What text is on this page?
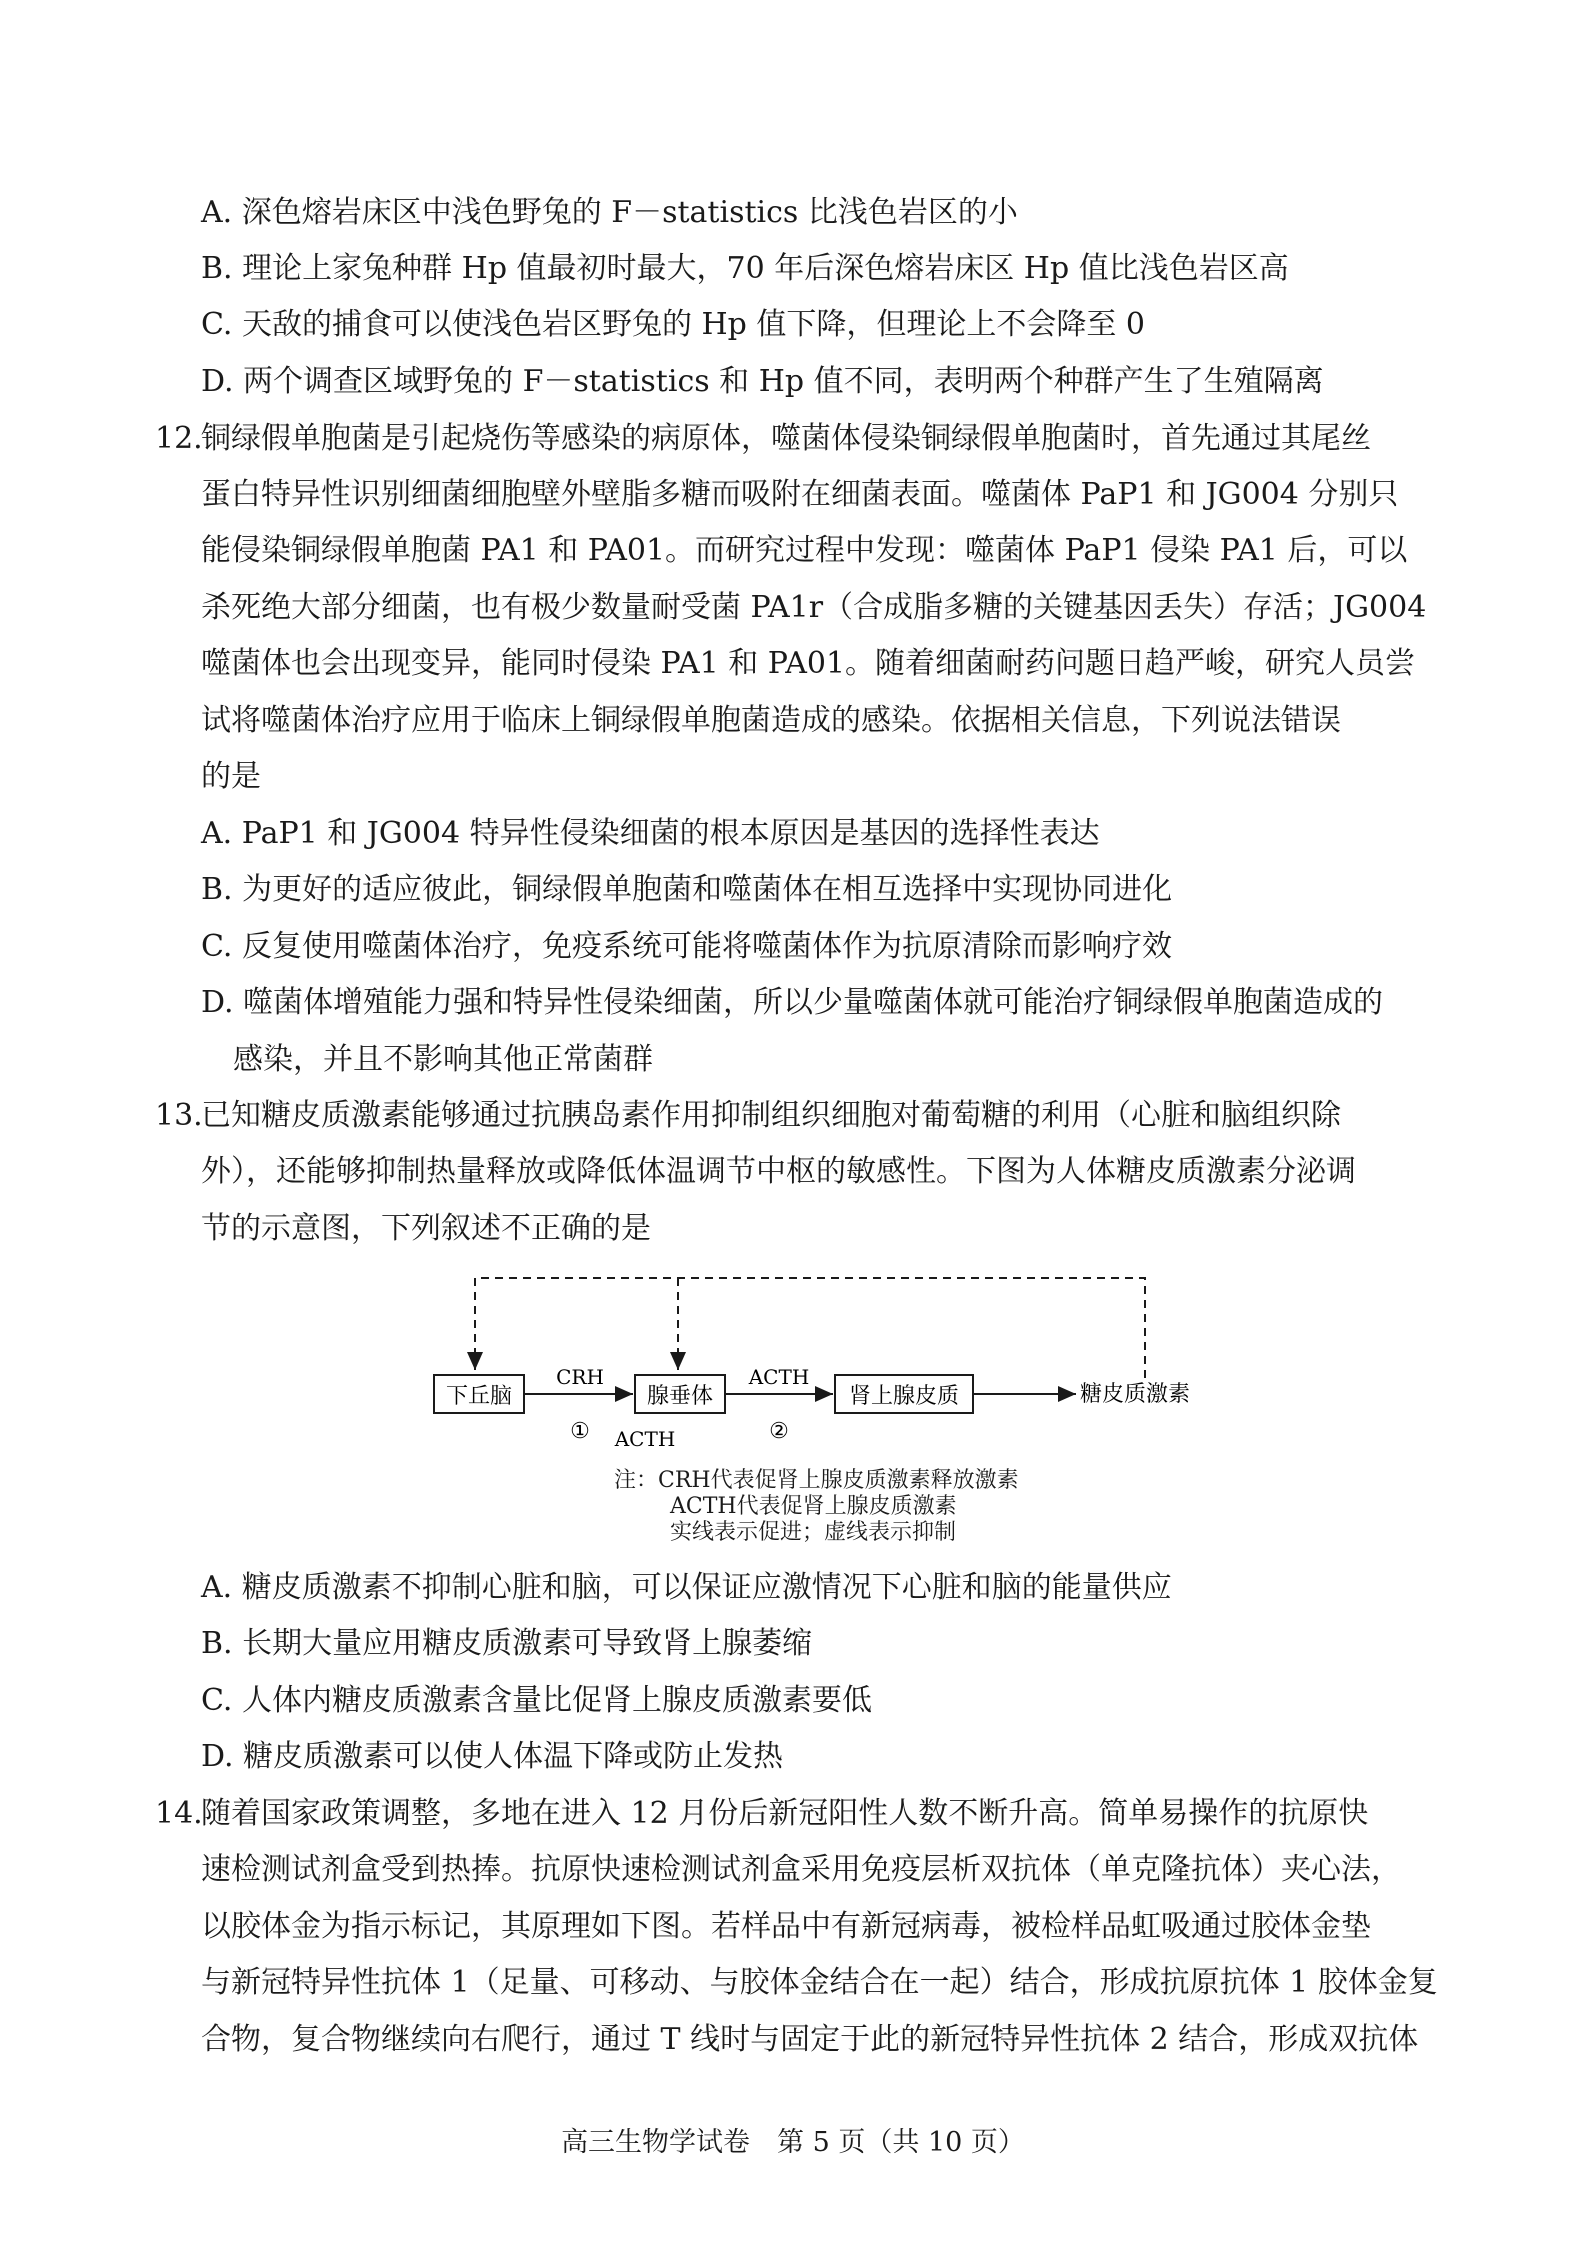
A. 深色熔岩床区中浅色野兔的 F－statistics 比浅色岩区的小
B. 理论上家兔种群 Hp 值最初时最大，70 年后深色熔岩床区 Hp 值比浅色岩区高
C. 天敌的捕食可以使浅色岩区野兔的 Hp 值下降，但理论上不会降至 0
D. 两个调查区域野兔的 F－statistics 和 Hp 值不同，表明两个种群产生了生殖隔离
12.
铜绿假单胞菌是引起烧伤等感染的病原体，噬菌体侵染铜绿假单胞菌时，首先通过其尾丝
蛋白特异性识别细菌细胞壁外壁脂多糖而吸附在细菌表面。噬菌体 PaP1 和 JG004 分别只
能侵染铜绿假单胞菌 PA1 和 PA01。而研究过程中发现：噬菌体 PaP1 侵染 PA1 后，可以
杀死绝大部分细菌，也有极少数量耐受菌 PA1r（合成脂多糖的关键基因丢失）存活；JG004
噬菌体也会出现变异，能同时侵染 PA1 和 PA01。随着细菌耐药问题日趋严峻，研究人员尝
试将噬菌体治疗应用于临床上铜绿假单胞菌造成的感染。依据相关信息，下列说法错误
的是
A. PaP1 和 JG004 特异性侵染细菌的根本原因是基因的选择性表达
B. 为更好的适应彼此，铜绿假单胞菌和噬菌体在相互选择中实现协同进化
C. 反复使用噬菌体治疗，免疫系统可能将噬菌体作为抗原清除而影响疗效
D. 噬菌体增殖能力强和特异性侵染细菌，所以少量噬菌体就可能治疗铜绿假单胞菌造成的
感染，并且不影响其他正常菌群
13.
已知糖皮质激素能够通过抗胰岛素作用抑制组织细胞对葡萄糖的利用（心脏和脑组织除
外），还能够抑制热量释放或降低体温调节中枢的敏感性。下图为人体糖皮质激素分泌调
节的示意图，下列叙述不正确的是
下丘脑	腺垂体	肾上腺皮质
CRH
①
ACTH
②
ACTH
糖皮质激素
注：CRH代表促肾上腺皮质激素释放激素
ACTH代表促肾上腺皮质激素
实线表示促进；虚线表示抑制
A. 糖皮质激素不抑制心脏和脑，可以保证应激情况下心脏和脑的能量供应
B. 长期大量应用糖皮质激素可导致肾上腺萎缩
C. 人体内糖皮质激素含量比促肾上腺皮质激素要低
D. 糖皮质激素可以使人体温下降或防止发热
14.
随着国家政策调整，多地在进入 12 月份后新冠阳性人数不断升高。简单易操作的抗原快
速检测试剂盒受到热捧。抗原快速检测试剂盒采用免疫层析双抗体（单克隆抗体）夹心法，
以胶体金为指示标记，其原理如下图。若样品中有新冠病毒，被检样品虹吸通过胶体金垫
与新冠特异性抗体 1（足量、可移动、与胶体金结合在一起）结合，形成抗原抗体 1 胶体金复
合物，复合物继续向右爬行，通过 T 线时与固定于此的新冠特异性抗体 2 结合，形成双抗体
高三生物学试卷　第 5 页（共 10 页）
